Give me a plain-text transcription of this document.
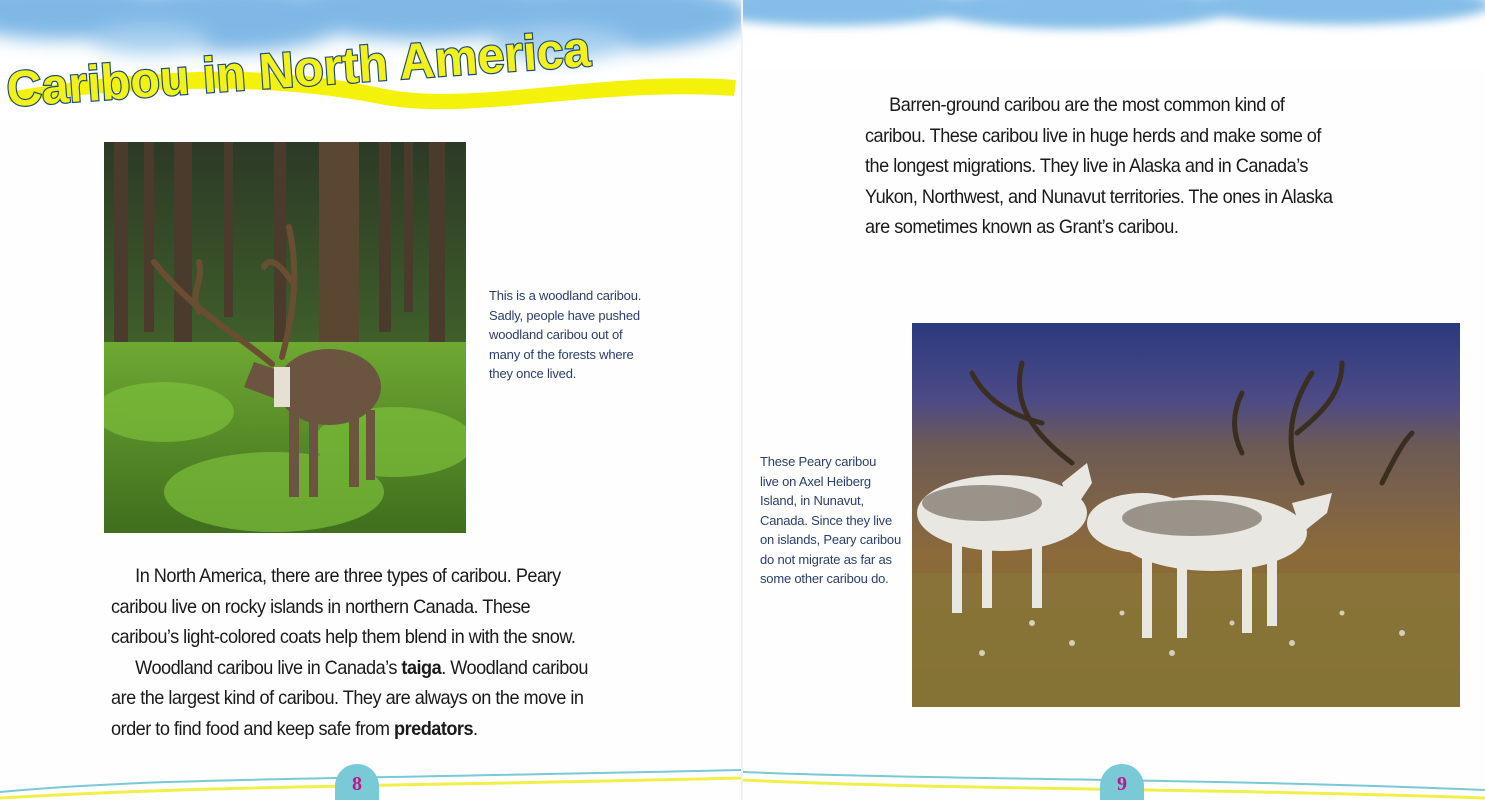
Caribou in North America
This is a woodland caribou.
Sadly, people have pushed
woodland caribou out of
many of the forests where
they once lived.
In North America, there are three types of caribou. Peary
caribou live on rocky islands in northern Canada. These
caribou’s light-colored coats help them blend in with the snow.
Woodland caribou live in Canada’s taiga. Woodland caribou
are the largest kind of caribou. They are always on the move in
order to find food and keep safe from predators.
8
Barren-ground caribou are the most common kind of
caribou. These caribou live in huge herds and make some of
the longest migrations. They live in Alaska and in Canada’s
Yukon, Northwest, and Nunavut territories. The ones in Alaska
are sometimes known as Grant’s caribou.
These Peary caribou
live on Axel Heiberg
Island, in Nunavut,
Canada. Since they live
on islands, Peary caribou
do not migrate as far as
some other caribou do.
9
